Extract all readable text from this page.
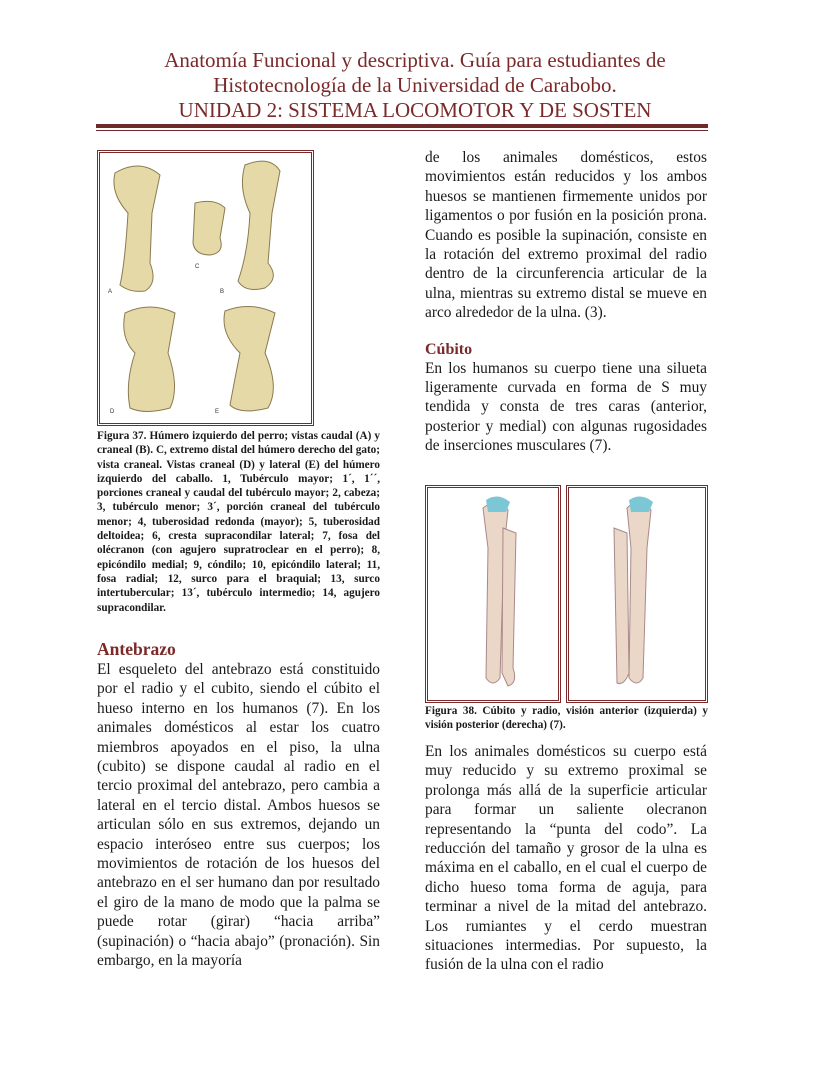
Anatomía Funcional y descriptiva. Guía para estudiantes de
Histotecnología de la Universidad de Carabobo.
UNIDAD 2: SISTEMA LOCOMOTOR Y DE SOSTEN
A	B
C
D	E
Figura 37. Húmero izquierdo del perro; vistas caudal (A) y craneal (B). C, extremo distal del húmero derecho del gato; vista craneal. Vistas craneal (D) y lateral (E) del húmero izquierdo del caballo. 1, Tubérculo mayor; 1´, 1´´, porciones craneal y caudal del tubérculo mayor; 2, cabeza; 3, tubérculo menor; 3´, porción craneal del tubérculo menor; 4, tuberosidad redonda (mayor); 5, tuberosidad deltoidea; 6, cresta supracondilar lateral; 7, fosa del olécranon (con agujero supratroclear en el perro); 8, epicóndilo medial; 9, cóndilo; 10, epicóndilo lateral; 11, fosa radial; 12, surco para el braquial; 13, surco intertubercular; 13´, tubérculo intermedio; 14, agujero supracondilar.
Antebrazo

El esqueleto del antebrazo está constituido por el radio y el cubito, siendo el cúbito el hueso interno en los humanos (7). En los animales domésticos al estar los cuatro miembros apoyados en el piso, la ulna (cubito) se dispone caudal al radio en el tercio proximal del antebrazo, pero cambia a lateral en el tercio distal. Ambos huesos se articulan sólo en sus extremos, dejando un espacio interóseo entre sus cuerpos; los movimientos de rotación de los huesos del antebrazo en el ser humano dan por resultado el giro de la mano de modo que la palma se puede rotar (girar) “hacia arriba” (supinación) o “hacia abajo” (pronación). Sin embargo, en la mayoría

de los animales domésticos, estos movimientos están reducidos y los ambos huesos se mantienen firmemente unidos por ligamentos o por fusión en la posición prona. Cuando es posible la supinación, consiste en la rotación del extremo proximal del radio dentro de la circunferencia articular de la ulna, mientras su extremo distal se mueve en arco alrededor de la ulna. (3).

Cúbito

En los humanos su cuerpo tiene una silueta ligeramente curvada en forma de S muy tendida y consta de tres caras (anterior, posterior y medial) con algunas rugosidades de inserciones musculares (7).

Figura 38. Cúbito y radio, visión anterior (izquierda) y visión posterior (derecha) (7).
En los animales domésticos su cuerpo está muy reducido y su extremo proximal se prolonga más allá de la superficie articular para formar un saliente olecranon representando la “punta del codo”. La reducción del tamaño y grosor de la ulna es máxima en el caballo, en el cual el cuerpo de dicho hueso toma forma de aguja, para terminar a nivel de la mitad del antebrazo. Los rumiantes y el cerdo muestran situaciones intermedias. Por supuesto, la fusión de la ulna con el radio
